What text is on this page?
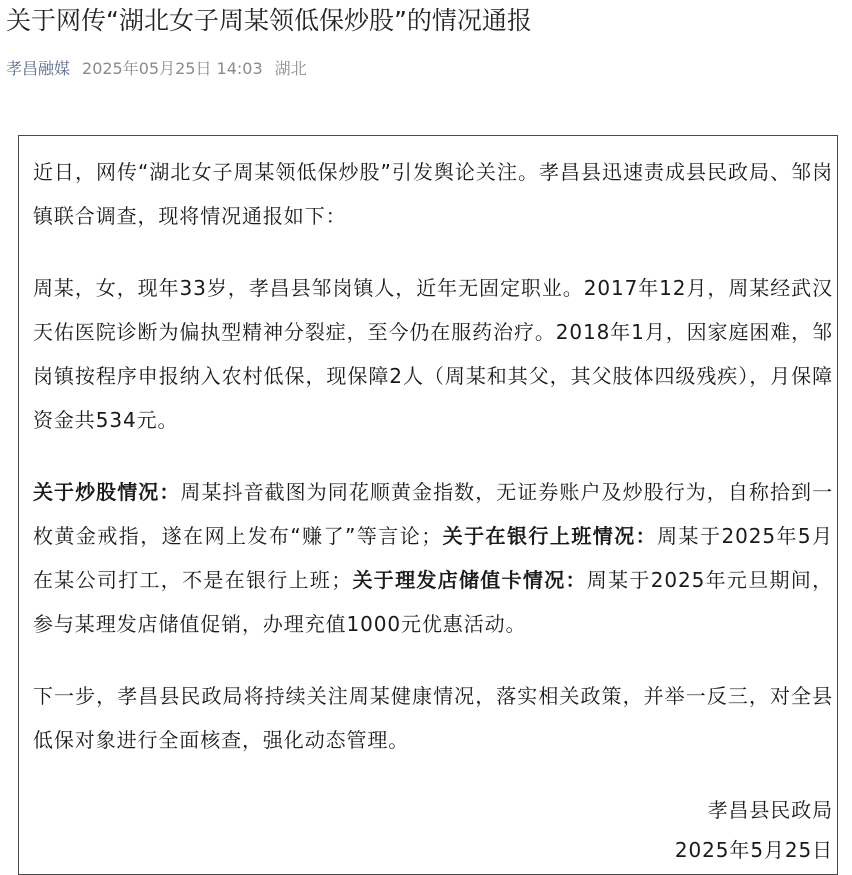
关于网传“湖北女子周某领低保炒股”的情况通报
孝昌融媒 2025年05月25日 14:03 湖北

近日，网传“湖北女子周某领低保炒股”引发舆论关注。孝昌县迅速责成县民政局、邹岗镇联合调查，现将情况通报如下：

周某，女，现年33岁，孝昌县邹岗镇人，近年无固定职业。2017年12月，周某经武汉天佑医院诊断为偏执型精神分裂症，至今仍在服药治疗。2018年1月，因家庭困难，邹岗镇按程序申报纳入农村低保，现保障2人（周某和其父，其父肢体四级残疾），月保障资金共534元。

关于炒股情况：周某抖音截图为同花顺黄金指数，无证券账户及炒股行为，自称拾到一枚黄金戒指，遂在网上发布“赚了”等言论；关于在银行上班情况：周某于2025年5月在某公司打工，不是在银行上班；关于理发店储值卡情况：周某于2025年元旦期间，参与某理发店储值促销，办理充值1000元优惠活动。

下一步，孝昌县民政局将持续关注周某健康情况，落实相关政策，并举一反三，对全县低保对象进行全面核查，强化动态管理。

孝昌县民政局

2025年5月25日
